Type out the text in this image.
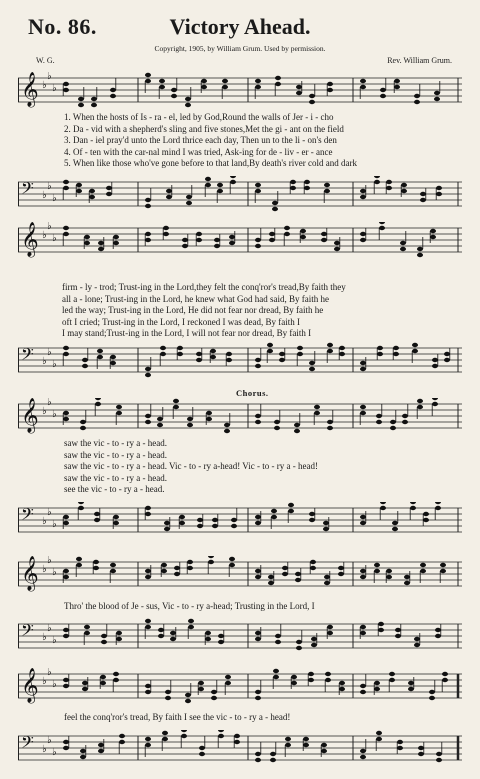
No. 86.	Victory Ahead.
Copyright, 1905, by William Grum. Used by permission.
W. G.	Rev. William Grum.
𝄞 ♭
♭
♭
1. When the hosts of Is - ra - el, led by God,Round the walls of Jer - i - cho
2. Da - vid with a shepherd's sling and five stones,Met the gi - ant on the field
3. Dan - iel pray'd unto the Lord thrice each day, Then un to the li - on's den
4. Of - ten with the car-nal mind I was tried, Ask-ing for de - liv - er - ance
5. When like those who've gone before to that land,By death's river cold and dark
𝄢 ♭
♭
♭
𝄞 ♭
♭
♭
firm - ly - trod; Trust-ing in the Lord,they felt the conq'ror's tread,By faith they
all a - lone; Trust-ing in the Lord, he knew what God had said, By faith he
led the way; Trust-ing in the Lord, He did not fear nor dread, By faith he
oft I cried; Trust-ing in the Lord, I reckoned I was dead, By faith I
I may stand;Trust-ing in the Lord, I will not fear nor dread, By faith I
𝄢 ♭
♭
♭
Chorus.
𝄞 ♭
♭
♭
saw the vic - to - ry a - head.
saw the vic - to - ry a - head.
saw the vic - to - ry a - head. Vic - to - ry a-head! Vic - to - ry a - head!
saw the vic - to - ry a - head.
see the vic - to - ry a - head.
𝄢 ♭
♭
♭
𝄞 ♭
♭
♭
Thro' the blood of Je - sus, Vic - to - ry a-head; Trusting in the Lord, I
𝄢 ♭
♭
♭
𝄞 ♭
♭
♭
feel the conq'ror's tread, By faith I see the vic - to - ry a - head!
𝄢 ♭
♭
♭
